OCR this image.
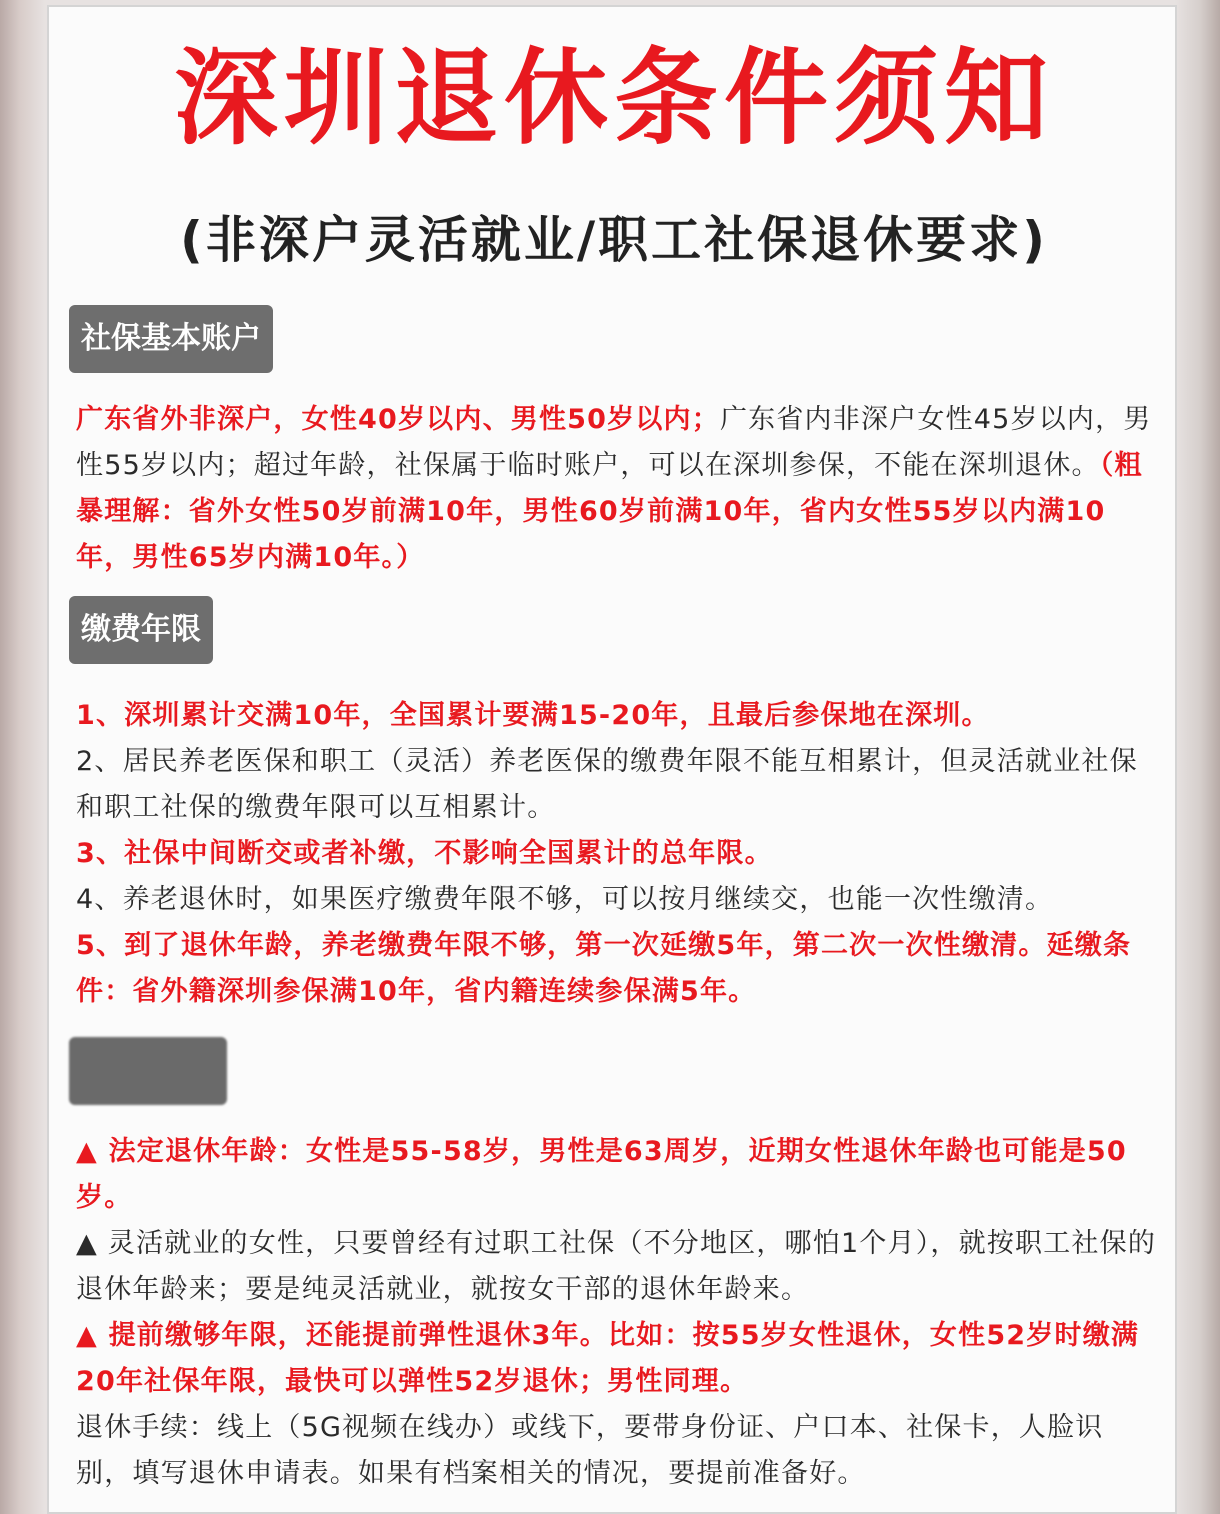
深圳退休条件须知
(非深户灵活就业/职工社保退休要求)
社保基本账户

广东省外非深户，女性40岁以内、男性50岁以内；广东省内非深户女性45岁以内，男性55岁以内；超过年龄，社保属于临时账户，可以在深圳参保，不能在深圳退休。（粗暴理解：省外女性50岁前满10年，男性60岁前满10年，省内女性55岁以内满10年，男性65岁内满10年。）

缴费年限

1、深圳累计交满10年，全国累计要满15-20年，且最后参保地在深圳。

2、居民养老医保和职工（灵活）养老医保的缴费年限不能互相累计，但灵活就业社保和职工社保的缴费年限可以互相累计。

3、社保中间断交或者补缴，不影响全国累计的总年限。

4、养老退休时，如果医疗缴费年限不够，可以按月继续交，也能一次性缴清。

5、到了退休年龄，养老缴费年限不够，第一次延缴5年，第二次一次性缴清。延缴条件：省外籍深圳参保满10年，省内籍连续参保满5年。

▲ 法定退休年龄：女性是55-58岁，男性是63周岁，近期女性退休年龄也可能是50岁。

▲ 灵活就业的女性，只要曾经有过职工社保（不分地区，哪怕1个月），就按职工社保的退休年龄来；要是纯灵活就业，就按女干部的退休年龄来。

▲ 提前缴够年限，还能提前弹性退休3年。比如：按55岁女性退休，女性52岁时缴满20年社保年限，最快可以弹性52岁退休；男性同理。

退休手续：线上（5G视频在线办）或线下，要带身份证、户口本、社保卡，人脸识别，填写退休申请表。如果有档案相关的情况，要提前准备好。
